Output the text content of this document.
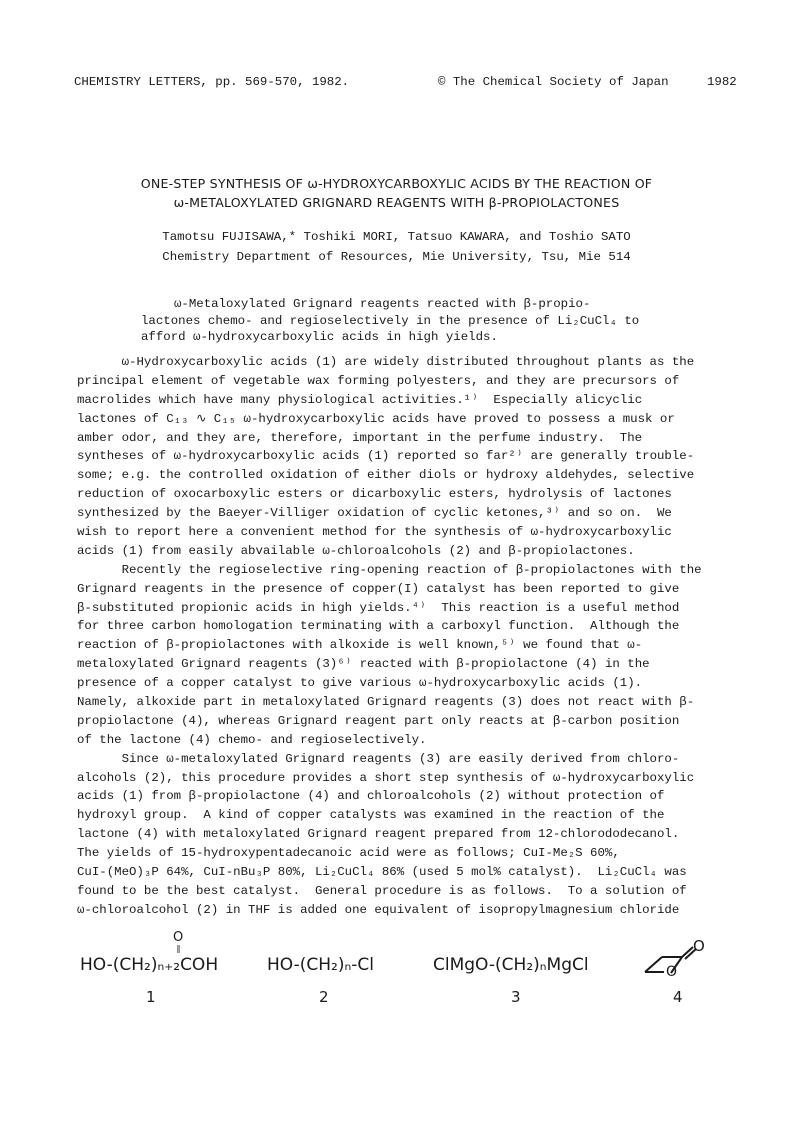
CHEMISTRY LETTERS, pp. 569-570, 1982.	© The Chemical Society of Japan	1982
ONE-STEP SYNTHESIS OF ω-HYDROXYCARBOXYLIC ACIDS BY THE REACTION OF
ω-METALOXYLATED GRIGNARD REAGENTS WITH β-PROPIOLACTONES
Tamotsu FUJISAWA,* Toshiki MORI, Tatsuo KAWARA, and Toshio SATO
Chemistry Department of Resources, Mie University, Tsu, Mie 514

ω-Metaloxylated Grignard reagents reacted with β-propio-

lactones chemo- and regioselectively in the presence of Li₂CuCl₄ to

afford ω-hydroxycarboxylic acids in high yields.

ω-Hydroxycarboxylic acids (1) are widely distributed throughout plants as the
principal element of vegetable wax forming polyesters, and they are precursors of
macrolides which have many physiological activities.¹⁾  Especially alicyclic
lactones of C₁₃ ∿ C₁₅ ω-hydroxycarboxylic acids have proved to possess a musk or
amber odor, and they are, therefore, important in the perfume industry.  The
syntheses of ω-hydroxycarboxylic acids (1) reported so far²⁾ are generally trouble-
some; e.g. the controlled oxidation of either diols or hydroxy aldehydes, selective
reduction of oxocarboxylic esters or dicarboxylic esters, hydrolysis of lactones
synthesized by the Baeyer-Villiger oxidation of cyclic ketones,³⁾ and so on.  We
wish to report here a convenient method for the synthesis of ω-hydroxycarboxylic
acids (1) from easily abvailable ω-chloroalcohols (2) and β-propiolactones.
Recently the regioselective ring-opening reaction of β-propiolactones with the
Grignard reagents in the presence of copper(I) catalyst has been reported to give
β-substituted propionic acids in high yields.⁴⁾  This reaction is a useful method
for three carbon homologation terminating with a carboxyl function.  Although the
reaction of β-propiolactones with alkoxide is well known,⁵⁾ we found that ω-
metaloxylated Grignard reagents (3)⁶⁾ reacted with β-propiolactone (4) in the
presence of a copper catalyst to give various ω-hydroxycarboxylic acids (1).
Namely, alkoxide part in metaloxylated Grignard reagents (3) does not react with β-
propiolactone (4), whereas Grignard reagent part only reacts at β-carbon position
of the lactone (4) chemo- and regioselectively.
Since ω-metaloxylated Grignard reagents (3) are easily derived from chloro-
alcohols (2), this procedure provides a short step synthesis of ω-hydroxycarboxylic
acids (1) from β-propiolactone (4) and chloroalcohols (2) without protection of
hydroxyl group.  A kind of copper catalysts was examined in the reaction of the
lactone (4) with metaloxylated Grignard reagent prepared from 12-chlorododecanol.
The yields of 15-hydroxypentadecanoic acid were as follows; CuI-Me₂S 60%,
CuI-(MeO)₃P 64%, CuI-nBu₃P 80%, Li₂CuCl₄ 86% (used 5 mol% catalyst).  Li₂CuCl₄ was
found to be the best catalyst.  General procedure is as follows.  To a solution of
ω-chloroalcohol (2) in THF is added one equivalent of isopropylmagnesium chloride
O
‖
HO-(CH₂)ₙ₊₂COH
1
HO-(CH₂)ₙ-Cl
2
ClMgO-(CH₂)ₙMgCl
3
O
O
4
